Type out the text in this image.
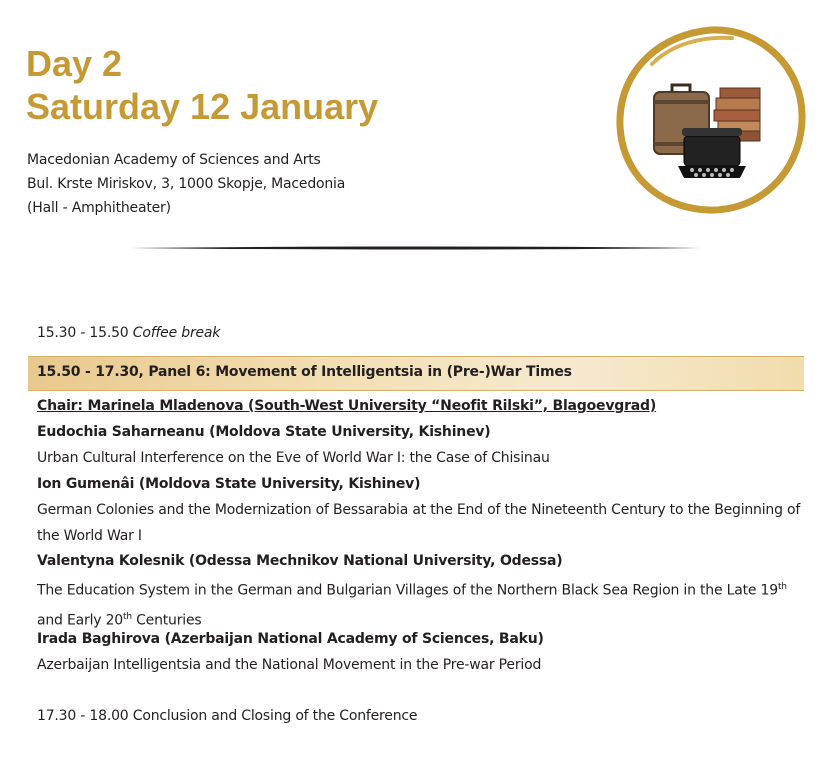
Day 2
Saturday 12 January
Macedonian Academy of Sciences and Arts
Bul. Krste Miriskov, 3, 1000 Skopje, Macedonia
(Hall - Amphitheater)
15.30 - 15.50 Coffee break
15.50 - 17.30, Panel 6: Movement of Intelligentsia in (Pre-)War Times
Chair: Marinela Mladenova (South-West University “Neofit Rilski”, Blagoevgrad)
Eudochia Saharneanu (Moldova State University, Kishinev)
Urban Cultural Interference on the Eve of World War I: the Case of Chisinau
Ion Gumenâi (Moldova State University, Kishinev)
German Colonies and the Modernization of Bessarabia at the End of the Nineteenth Century to the Beginning of the World War I
Valentyna Kolesnik (Odessa Mechnikov National University, Odessa)
The Education System in the German and Bulgarian Villages of the Northern Black Sea Region in the Late 19th and Early 20th Centuries
Irada Baghirova (Azerbaijan National Academy of Sciences, Baku)
Azerbaijan Intelligentsia and the National Movement in the Pre-war Period
17.30 - 18.00 Conclusion and Closing of the Conference
